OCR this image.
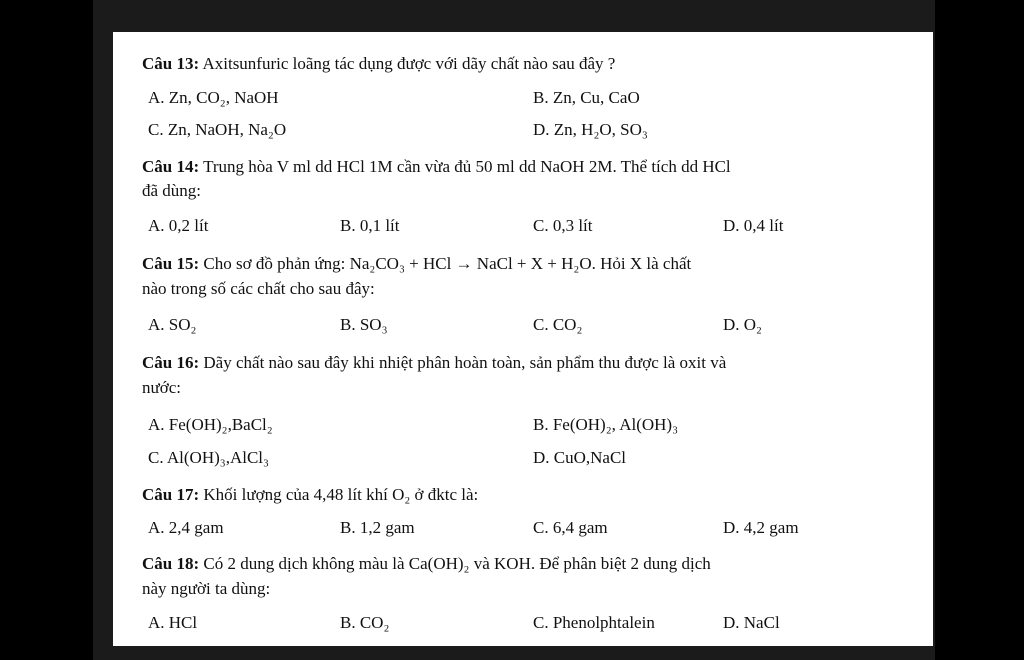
Câu 13: Axitsunfuric loãng tác dụng được với dãy chất nào sau đây ?
A. Zn, CO₂, NaOH	B. Zn, Cu, CaO
C. Zn, NaOH, Na₂O	D. Zn, H₂O, SO₃
Câu 14: Trung hòa V ml dd HCl 1M cần vừa đủ 50 ml dd NaOH 2M. Thể tích dd HCl
đã dùng:
A. 0,2 lít	B. 0,1 lít	C. 0,3 lít	D. 0,4 lít
Câu 15: Cho sơ đồ phản ứng: Na₂CO₃ + HCl → NaCl + X + H₂O. Hỏi X là chất
nào trong số các chất cho sau đây:
A. SO₂	B. SO₃	C. CO₂	D. O₂
Câu 16: Dãy chất nào sau đây khi nhiệt phân hoàn toàn, sản phẩm thu được là oxit và
nước:
A. Fe(OH)₂,BaCl₂	B. Fe(OH)₂, Al(OH)₃
C. Al(OH)₃,AlCl₃	D. CuO,NaCl
Câu 17: Khối lượng của 4,48 lít khí O₂ ở đktc là:
A. 2,4 gam	B. 1,2 gam	C. 6,4 gam	D. 4,2 gam
Câu 18: Có 2 dung dịch không màu là Ca(OH)₂ và KOH. Để phân biệt 2 dung dịch
này người ta dùng:
A. HCl	B. CO₂	C. Phenolphtalein	D. NaCl
